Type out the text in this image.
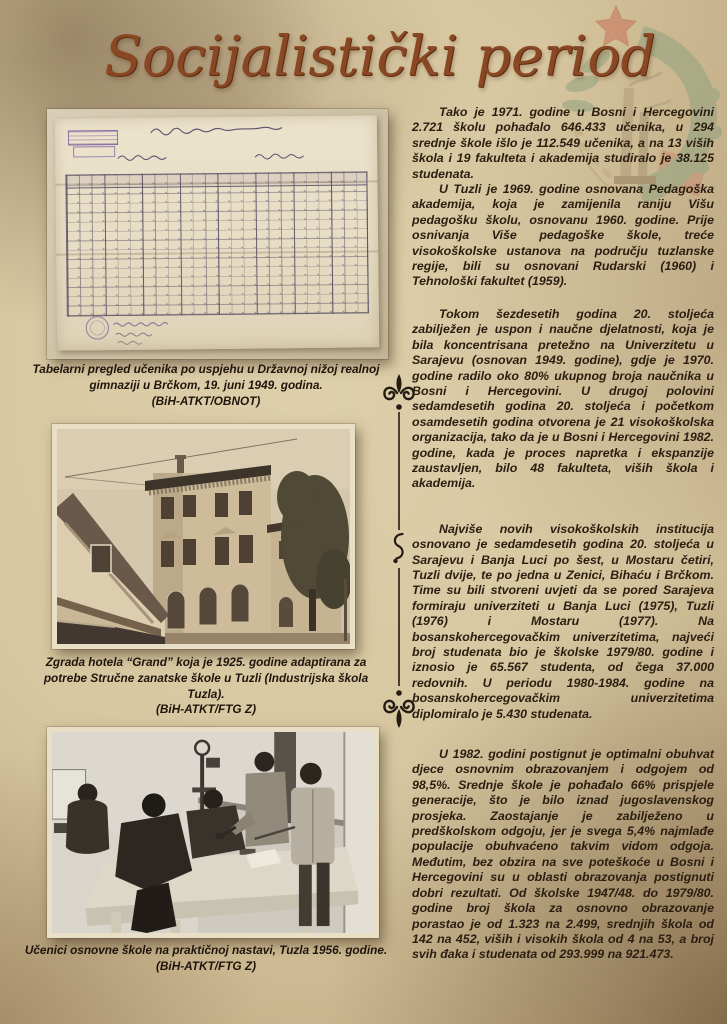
Socijalistički period
Tabelarni pregled učenika po uspjehu u Državnoj nižoj realnoj gimnaziji u Brčkom, 19. juni 1949. godina.
(BiH-ATKT/OBNOT)
Zgrada hotela “Grand” koja je 1925. godine adaptirana za potrebe Stručne zanatske škole u Tuzli (Industrijska škola Tuzla).
(BiH-ATKT/FTG Z)
Učenici osnovne škole na praktičnoj nastavi, Tuzla 1956. godine.
(BiH-ATKT/FTG Z)

Tako je 1971. godine u Bosni i Hercegovini 2.721 školu pohađalo 646.433 učenika, u 294 srednje škole išlo je 112.549 učenika, a na 13 viših škola i 19 fakulteta i akademija studiralo je 38.125 studenata.

U Tuzli je 1969. godine osnovana Pedagoška akademija, koja je zamijenila raniju Višu pedagošku školu, osnovanu 1960. godine. Prije osnivanja Više pedagoške škole, treće visokoškolske ustanova na području tuzlanske regije, bili su osnovani Rudarski (1960) i Tehnološki fakultet (1959).

Tokom šezdesetih godina 20. stoljeća zabilježen je uspon i naučne djelatnosti, koja je bila koncentrisana pretežno na Univerzitetu u Sarajevu (osnovan 1949. godine), gdje je 1970. godine radilo oko 80% ukupnog broja naučnika u Bosni i Hercegovini. U drugoj polovini sedamdesetih godina 20. stoljeća i početkom osamdesetih godina otvorena je 21 visokoškolska organizacija, tako da je u Bosni i Hercegovini 1982. godine, kada je proces napretka i ekspanzije zaustavljen, bilo 48 fakulteta, viših škola i akademija.

Najviše novih visokoškolskih institucija osnovano je sedamdesetih godina 20. stoljeća u Sarajevu i Banja Luci po šest, u Mostaru četiri, Tuzli dvije, te po jedna u Zenici, Bihaću i Brčkom. Time su bili stvoreni uvjeti da se pored Sarajeva formiraju univerziteti u Banja Luci (1975), Tuzli (1976) i Mostaru (1977). Na bosanskohercegovačkim univerzitetima, najveći broj studenata bio je školske 1979/80. godine i iznosio je 65.567 studenta, od čega 37.000 redovnih. U periodu 1980-1984. godine na bosanskohercegovačkim univerzitetima diplomiralo je 5.430 studenata.

U 1982. godini postignut je optimalni obuhvat djece osnovnim obrazovanjem i odgojem od 98,5%. Srednje škole je pohađalo 66% prispjele generacije, što je bilo iznad jugoslavenskog prosjeka. Zaostajanje je zabilježeno u predškolskom odgoju, jer je svega 5,4% najmlađe populacije obuhvaćeno takvim vidom odgoja. Međutim, bez obzira na sve poteškoće u Bosni i Hercegovini su u oblasti obrazovanja postignuti dobri rezultati. Od školske 1947/48. do 1979/80. godine broj škola za osnovno obrazovanje porastao je od 1.323 na 2.499, srednjih škola od 142 na 452, viših i visokih škola od 4 na 53, a broj svih đaka i studenata od 293.999 na 921.473.
